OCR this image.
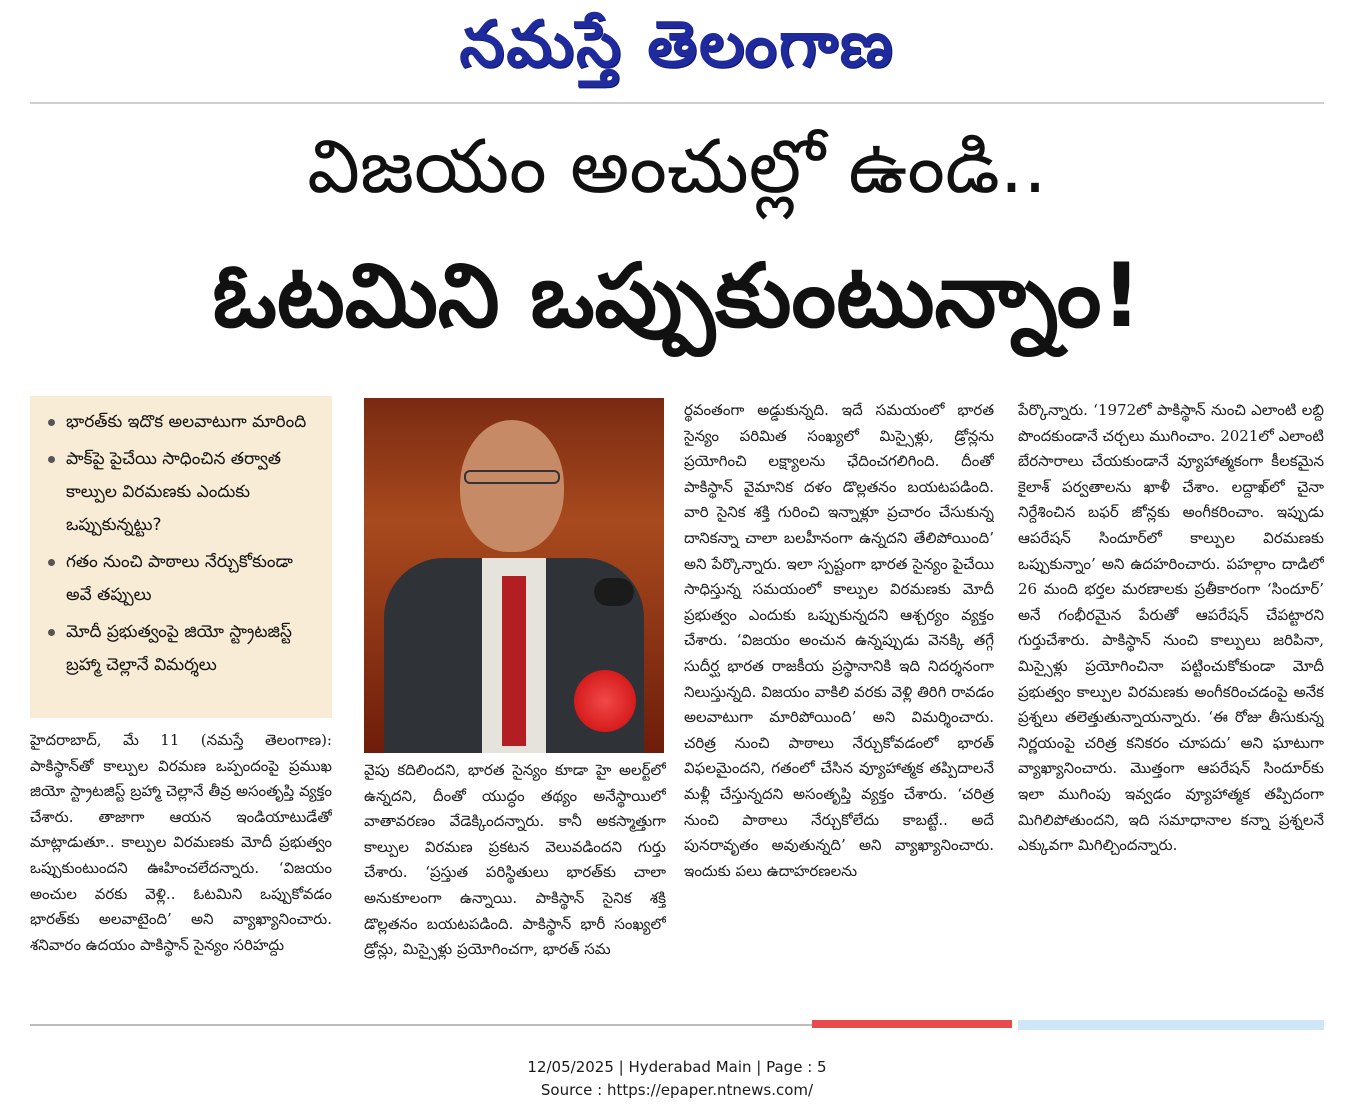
నమస్తే తెలంగాణ
విజయం అంచుల్లో ఉండి..
ఓటమిని ఒప్పుకుంటున్నాం!
భారత్‌కు ఇదొక అలవాటుగా మారింది
పాక్‌పై పైచేయి సాధించిన తర్వాత కాల్పుల విరమణకు ఎందుకు ఒప్పుకున్నట్టు?
గతం నుంచి పాఠాలు నేర్చుకోకుండా అవే తప్పులు
మోదీ ప్రభుత్వంపై జియో స్ట్రాటజిస్ట్ బ్రహ్మా చెల్లానే విమర్శలు
హైదరాబాద్, మే 11 (నమస్తే తెలంగాణ): పాకిస్థాన్‌తో కాల్పుల విరమణ ఒప్పందంపై ప్రముఖ జియో స్ట్రాటజిస్ట్ బ్రహ్మా చెల్లానే తీవ్ర అసంతృప్తి వ్యక్తం చేశారు. తాజాగా ఆయన ఇండియాటుడేతో మాట్లాడుతూ.. కాల్పుల విరమణకు మోదీ ప్రభుత్వం ఒప్పుకుంటుందని ఊహించలేదన్నారు. ‘విజయం అంచుల వరకు వెళ్లి.. ఓటమిని ఒప్పుకోవడం భారత్‌కు అలవాటైంది’ అని వ్యాఖ్యానించారు. శనివారం ఉదయం పాకిస్థాన్ సైన్యం సరిహద్దు
వైపు కదిలిందని, భారత సైన్యం కూడా హై అలర్ట్‌లో ఉన్నదని, దీంతో యుద్ధం తథ్యం అనేస్థాయిలో వాతావరణం వేడెక్కిందన్నారు. కానీ అకస్మాత్తుగా కాల్పుల విరమణ ప్రకటన వెలువడిందని గుర్తు చేశారు. ‘ప్రస్తుత పరిస్థితులు భారత్‌కు చాలా అనుకూలంగా ఉన్నాయి. పాకిస్థాన్ సైనిక శక్తి డొల్లతనం బయటపడింది. పాకిస్థాన్ భారీ సంఖ్యలో డ్రోన్లు, మిస్సైళ్లు ప్రయోగించగా, భారత్ సమ
ర్థవంతంగా అడ్డుకున్నది. ఇదే సమయంలో భారత సైన్యం పరిమిత సంఖ్యలో మిస్సైళ్లు, డ్రోన్లను ప్రయోగించి లక్ష్యాలను ఛేదించగలిగింది. దీంతో పాకిస్థాన్ వైమానిక దళం డొల్లతనం బయటపడింది. వారి సైనిక శక్తి గురించి ఇన్నాళ్లూ ప్రచారం చేసుకున్న దానికన్నా చాలా బలహీనంగా ఉన్నదని తేలిపోయింది’ అని పేర్కొన్నారు. ఇలా స్పష్టంగా భారత సైన్యం పైచేయి సాధిస్తున్న సమయంలో కాల్పుల విరమణకు మోదీ ప్రభుత్వం ఎందుకు ఒప్పుకున్నదని ఆశ్చర్యం వ్యక్తం చేశారు. ‘విజయం అంచున ఉన్నప్పుడు వెనక్కి తగ్గే సుదీర్ఘ భారత రాజకీయ ప్రస్థానానికి ఇది నిదర్శనంగా నిలుస్తున్నది. విజయం వాకిలి వరకు వెళ్లి తిరిగి రావడం అలవాటుగా మారిపోయింది’ అని విమర్శించారు. చరిత్ర నుంచి పాఠాలు నేర్చుకోవడంలో భారత్ విఫలమైందని, గతంలో చేసిన వ్యూహాత్మక తప్పిదాలనే మళ్లీ చేస్తున్నదని అసంతృప్తి వ్యక్తం చేశారు. ‘చరిత్ర నుంచి పాఠాలు నేర్చుకోలేదు కాబట్టే.. అదే పునరావృతం అవుతున్నది’ అని వ్యాఖ్యానించారు. ఇందుకు పలు ఉదాహరణలను
పేర్కొన్నారు. ‘1972లో పాకిస్థాన్ నుంచి ఎలాంటి లబ్ది పొందకుండానే చర్చలు ముగించాం. 2021లో ఎలాంటి బేరసారాలు చేయకుండానే వ్యూహాత్మకంగా కీలకమైన కైలాశ్ పర్వతాలను ఖాళీ చేశాం. లద్దాఖ్‌లో చైనా నిర్దేశించిన బఫర్ జోన్లకు అంగీకరించాం. ఇప్పుడు ఆపరేషన్ సిందూర్‌లో కాల్పుల విరమణకు ఒప్పుకున్నాం’ అని ఉదహరించారు. పహల్గాం దాడిలో 26 మంది భర్తల మరణాలకు ప్రతీకారంగా ‘సిందూర్’ అనే గంభీరమైన పేరుతో ఆపరేషన్ చేపట్టారని గుర్తుచేశారు. పాకిస్థాన్ నుంచి కాల్పులు జరిపినా, మిస్సైళ్లు ప్రయోగించినా పట్టించుకోకుండా మోదీ ప్రభుత్వం కాల్పుల విరమణకు అంగీకరించడంపై అనేక ప్రశ్నలు తలెత్తుతున్నాయన్నారు. ‘ఈ రోజు తీసుకున్న నిర్ణయంపై చరిత్ర కనికరం చూపదు’ అని ఘాటుగా వ్యాఖ్యానించారు. మొత్తంగా ఆపరేషన్ సిందూర్‌కు ఇలా ముగింపు ఇవ్వడం వ్యూహాత్మక తప్పిదంగా మిగిలిపోతుందని, ఇది సమాధానాల కన్నా ప్రశ్నలనే ఎక్కువగా మిగిల్చిందన్నారు.
12/05/2025 | Hyderabad Main | Page : 5
Source : https://epaper.ntnews.com/
